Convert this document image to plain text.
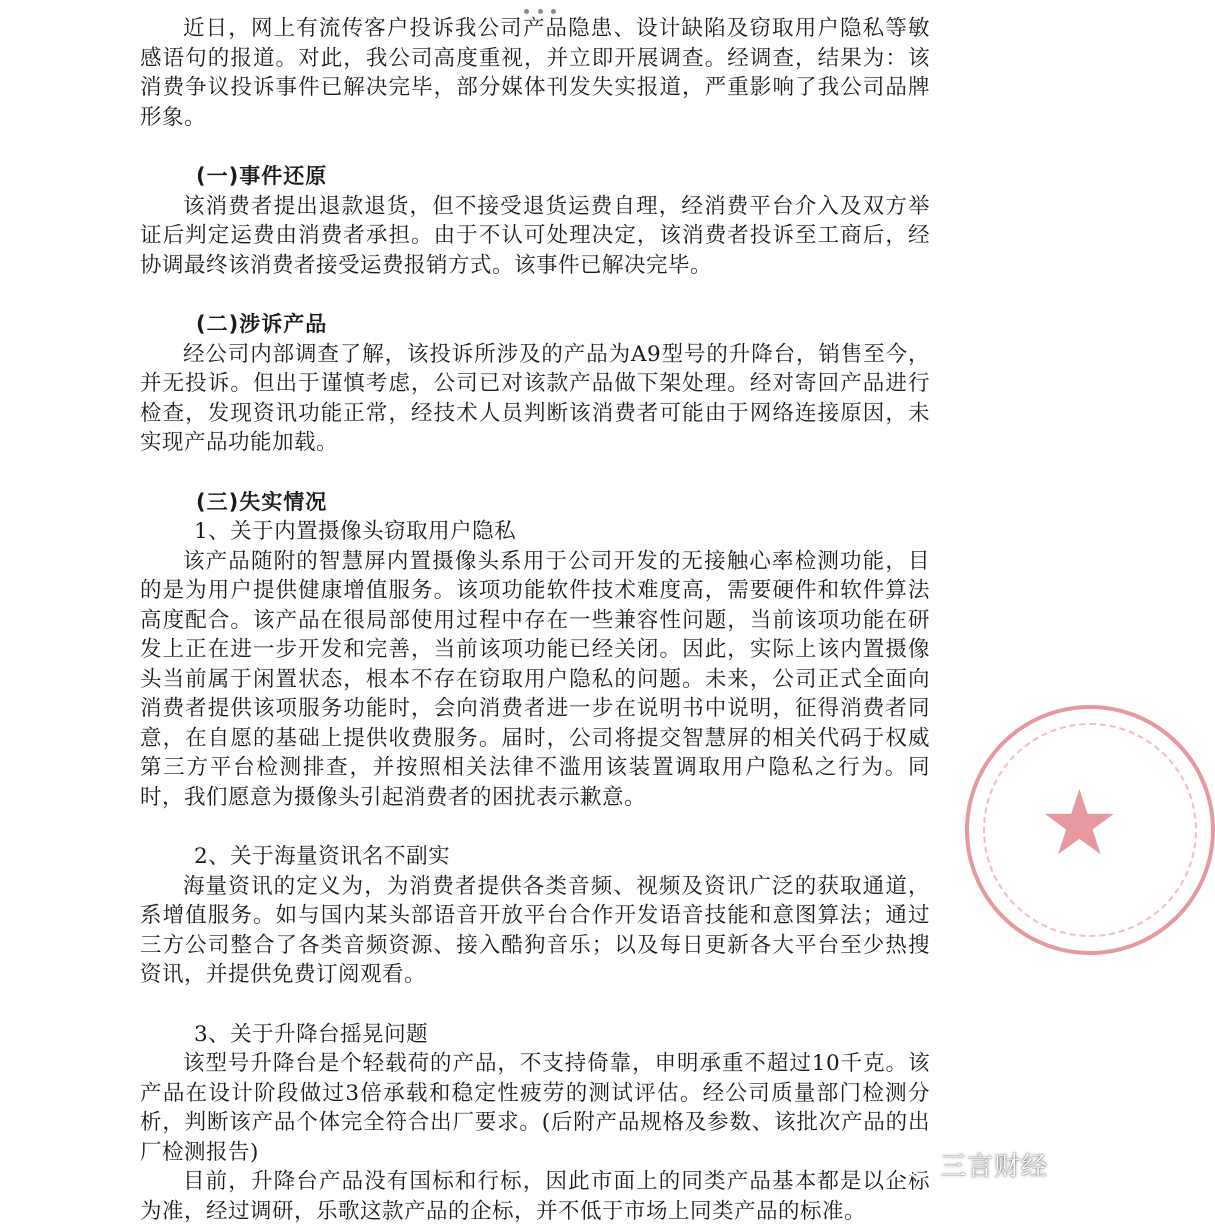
近日，网上有流传客户投诉我公司产品隐患、设计缺陷及窃取用户隐私等敏感语句的报道。对此，我公司高度重视，并立即开展调查。经调查，结果为：该消费争议投诉事件已解决完毕，部分媒体刊发失实报道，严重影响了我公司品牌形象。

(一)事件还原

该消费者提出退款退货，但不接受退货运费自理，经消费平台介入及双方举证后判定运费由消费者承担。由于不认可处理决定，该消费者投诉至工商后，经协调最终该消费者接受运费报销方式。该事件已解决完毕。

(二)涉诉产品

经公司内部调查了解，该投诉所涉及的产品为A9型号的升降台，销售至今，并无投诉。但出于谨慎考虑，公司已对该款产品做下架处理。经对寄回产品进行检查，发现资讯功能正常，经技术人员判断该消费者可能由于网络连接原因，未实现产品功能加载。

(三)失实情况
1、关于内置摄像头窃取用户隐私

该产品随附的智慧屏内置摄像头系用于公司开发的无接触心率检测功能，目的是为用户提供健康增值服务。该项功能软件技术难度高，需要硬件和软件算法高度配合。该产品在很局部使用过程中存在一些兼容性问题，当前该项功能在研发上正在进一步开发和完善，当前该项功能已经关闭。因此，实际上该内置摄像头当前属于闲置状态，根本不存在窃取用户隐私的问题。未来，公司正式全面向消费者提供该项服务功能时，会向消费者进一步在说明书中说明，征得消费者同意，在自愿的基础上提供收费服务。届时，公司将提交智慧屏的相关代码于权威第三方平台检测排查，并按照相关法律不滥用该装置调取用户隐私之行为。同时，我们愿意为摄像头引起消费者的困扰表示歉意。

2、关于海量资讯名不副实

海量资讯的定义为，为消费者提供各类音频、视频及资讯广泛的获取通道，系增值服务。如与国内某头部语音开放平台合作开发语音技能和意图算法；通过三方公司整合了各类音频资源、接入酷狗音乐；以及每日更新各大平台至少热搜资讯，并提供免费订阅观看。

3、关于升降台摇晃问题

该型号升降台是个轻载荷的产品，不支持倚靠，申明承重不超过10千克。该产品在设计阶段做过3倍承载和稳定性疲劳的测试评估。经公司质量部门检测分析，判断该产品个体完全符合出厂要求。(后附产品规格及参数、该批次产品的出厂检测报告)

目前，升降台产品没有国标和行标，因此市面上的同类产品基本都是以企标为准，经过调研，乐歌这款产品的企标，并不低于市场上同类产品的标准。

★
三言财经
